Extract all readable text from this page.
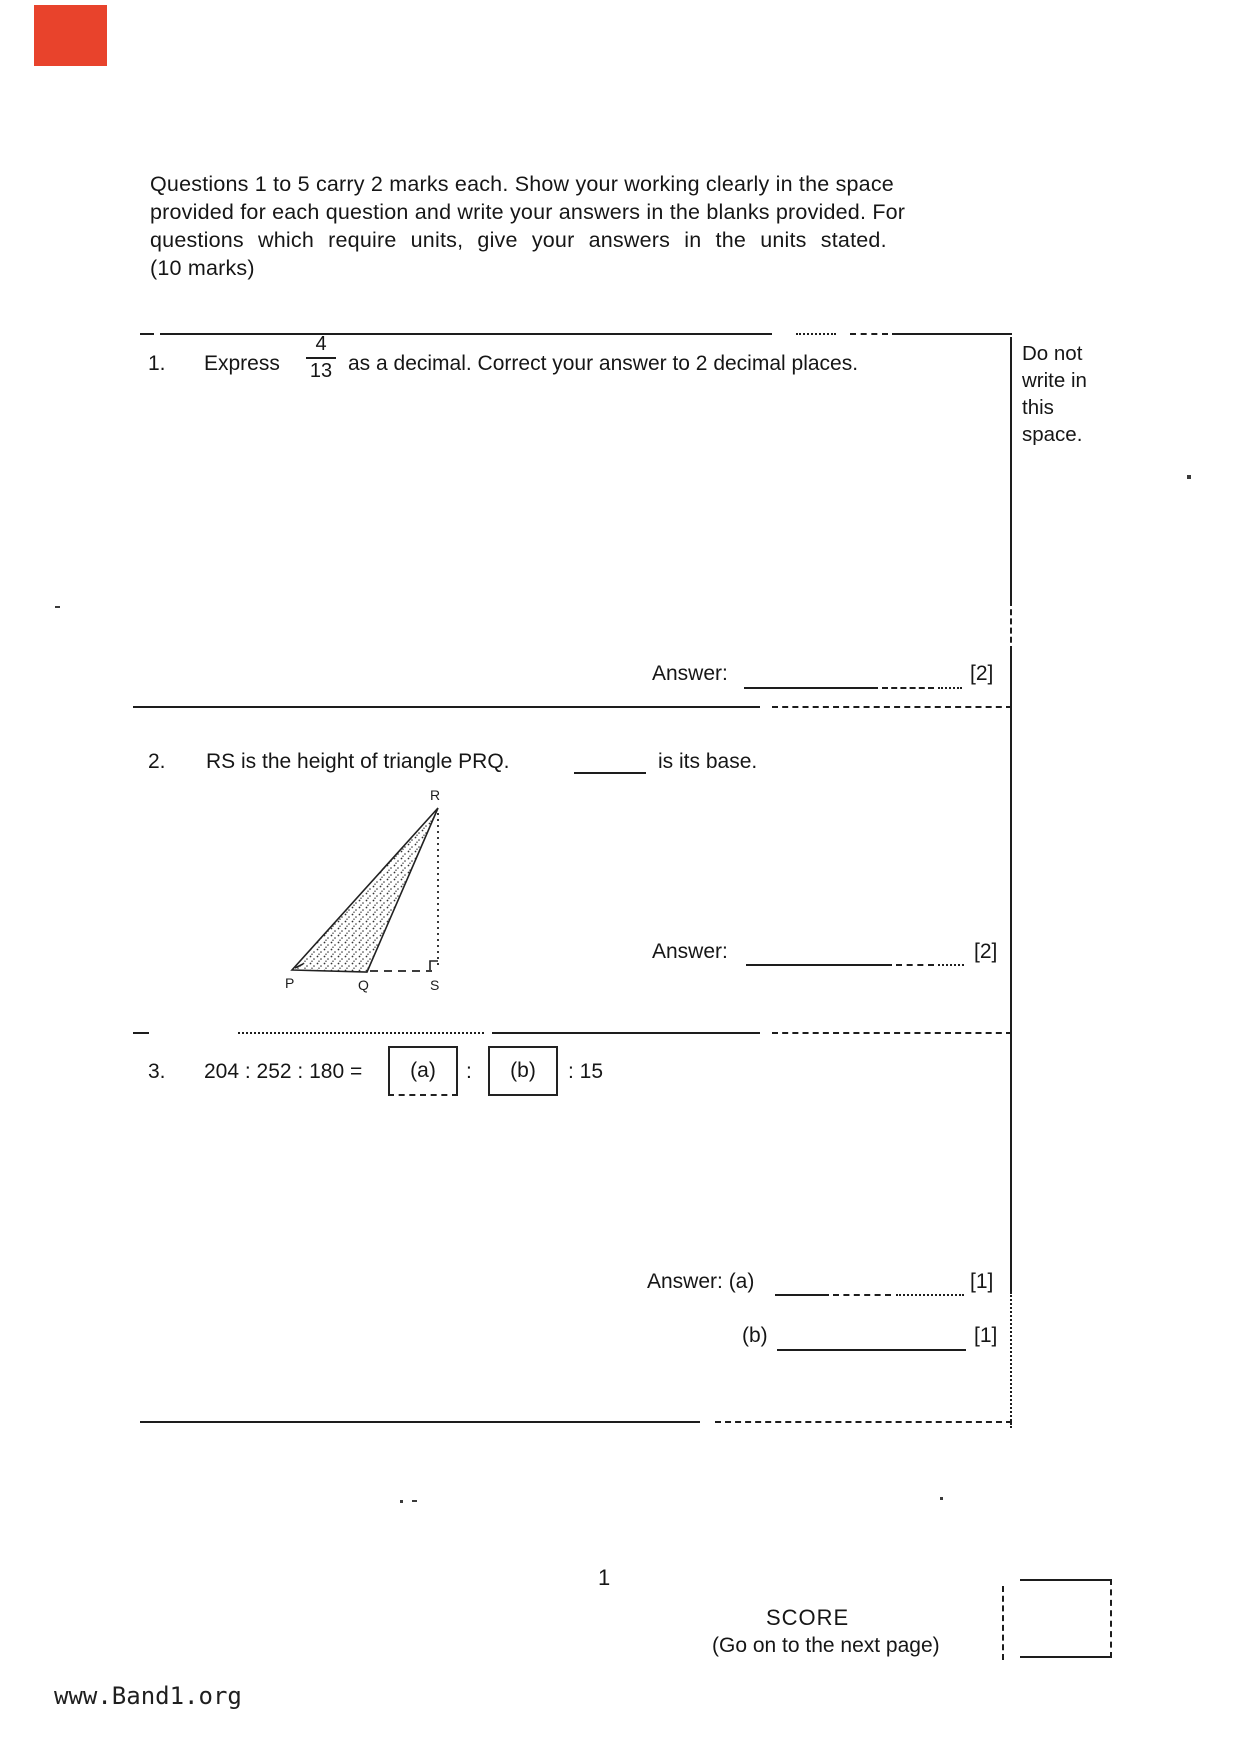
Questions 1 to 5 carry 2 marks each. Show your working clearly in the space
provided for each question and write your answers in the blanks provided. For
questions which require units, give your answers in the units stated.
(10 marks)
Do not
write in
this
space.
1. Express
4
13 as a decimal. Correct your answer to 2 decimal places.
Answer:	[2]
2. RS is the height of triangle PRQ.	is its base.
R
P	Q	S
Answer:	[2]
3. 204 : 252 : 180 =	(a)	:	(b)	: 15
Answer: (a)	[1]
(b)	[1]
1
SCORE
(Go on to the next page)
www.Band1.org
